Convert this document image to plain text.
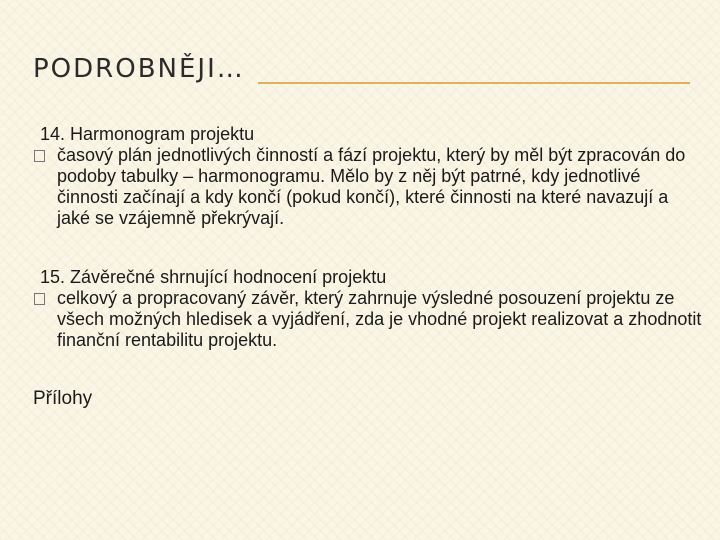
PODROBNĚJI…
14. Harmonogram projektu
časový plán jednotlivých činností a fází projektu, který by měl být zpracován do podoby tabulky – harmonogramu. Mělo by z něj být patrné, kdy jednotlivé činnosti začínají a kdy končí (pokud končí), které činnosti na které navazují a jaké se vzájemně překrývají.
15. Závěrečné shrnující hodnocení projektu
celkový a propracovaný závěr, který zahrnuje výsledné posouzení projektu ze všech možných hledisek a vyjádření, zda je vhodné projekt realizovat a zhodnotit finanční rentabilitu projektu.
Přílohy
